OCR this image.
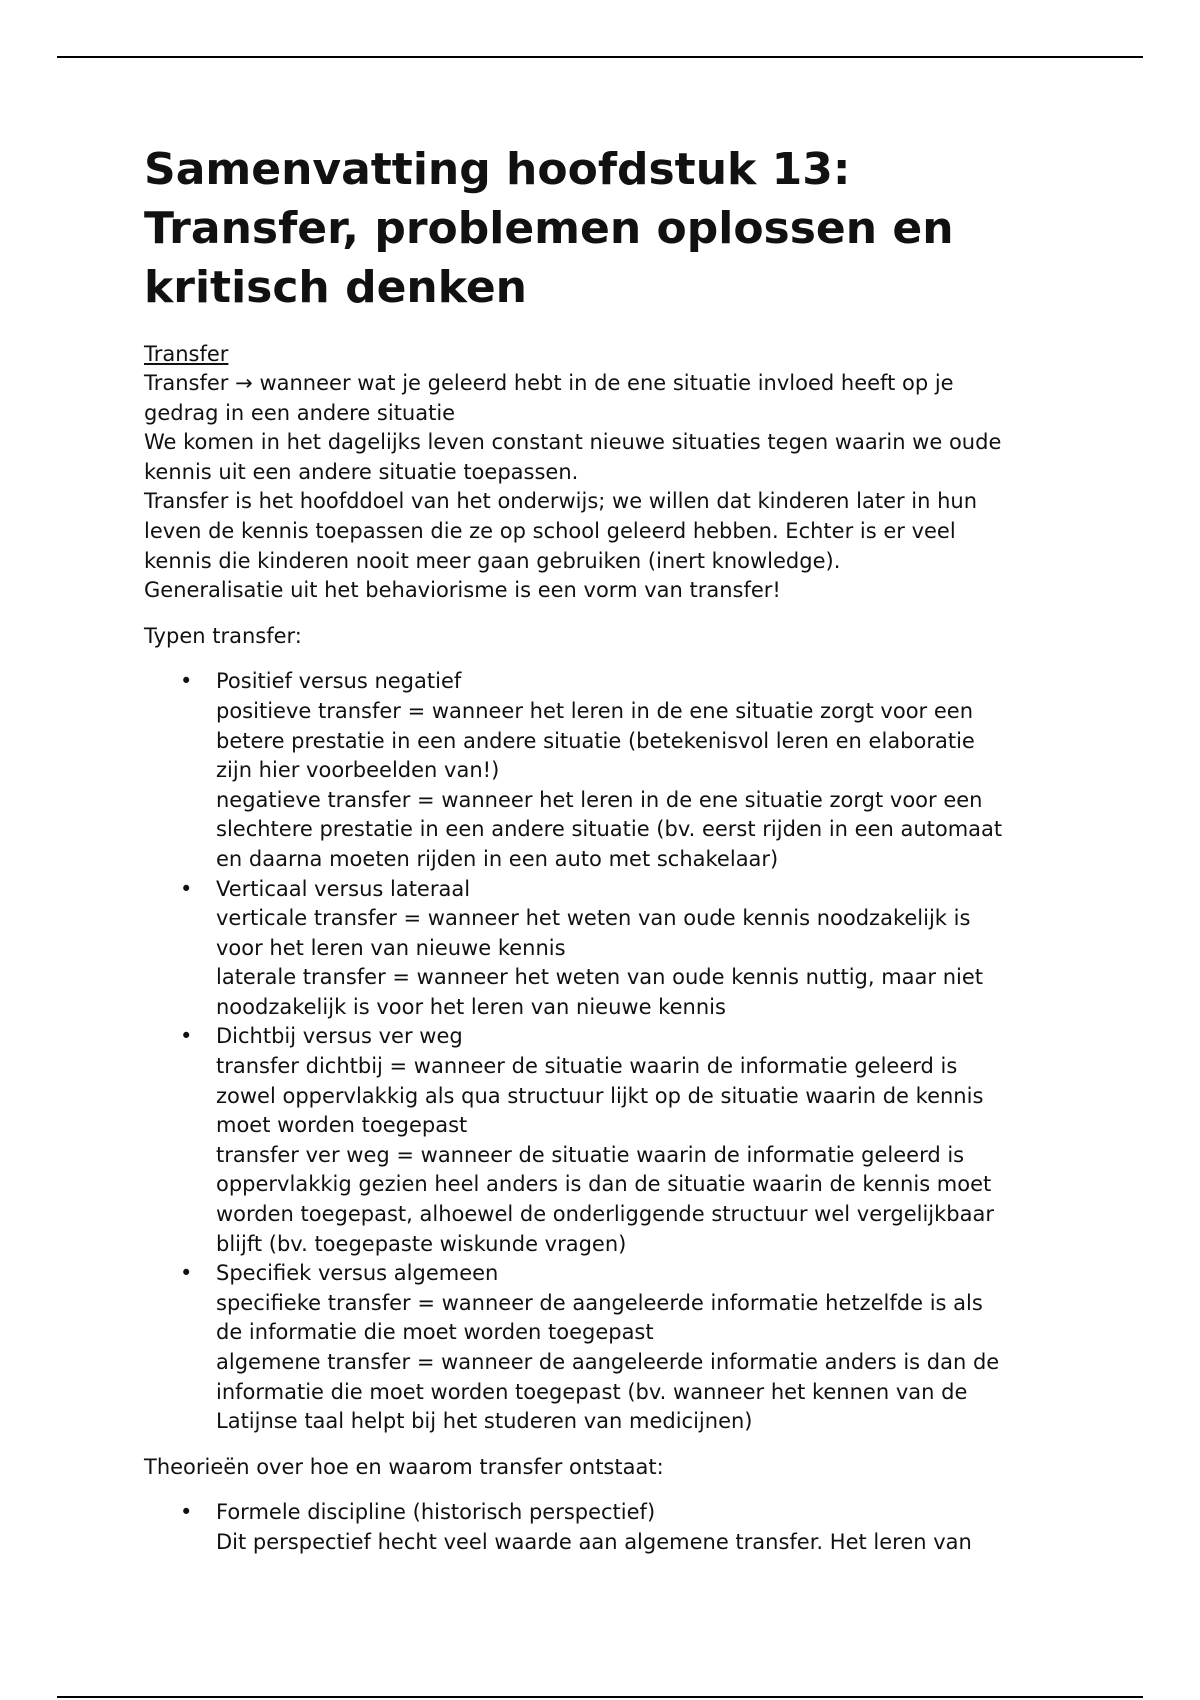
Samenvatting hoofdstuk 13:
Transfer, problemen oplossen en
kritisch denken
Transfer

Transfer → wanneer wat je geleerd hebt in de ene situatie invloed heeft op je

gedrag in een andere situatie

We komen in het dagelijks leven constant nieuwe situaties tegen waarin we oude

kennis uit een andere situatie toepassen.

Transfer is het hoofddoel van het onderwijs; we willen dat kinderen later in hun

leven de kennis toepassen die ze op school geleerd hebben. Echter is er veel

kennis die kinderen nooit meer gaan gebruiken (inert knowledge).

Generalisatie uit het behaviorisme is een vorm van transfer!

Typen transfer:

• Positief versus negatief
positieve transfer = wanneer het leren in de ene situatie zorgt voor een
betere prestatie in een andere situatie (betekenisvol leren en elaboratie
zijn hier voorbeelden van!)
negatieve transfer = wanneer het leren in de ene situatie zorgt voor een
slechtere prestatie in een andere situatie (bv. eerst rijden in een automaat
en daarna moeten rijden in een auto met schakelaar)
• Verticaal versus lateraal
verticale transfer = wanneer het weten van oude kennis noodzakelijk is
voor het leren van nieuwe kennis
laterale transfer = wanneer het weten van oude kennis nuttig, maar niet
noodzakelijk is voor het leren van nieuwe kennis
• Dichtbij versus ver weg
transfer dichtbij = wanneer de situatie waarin de informatie geleerd is
zowel oppervlakkig als qua structuur lijkt op de situatie waarin de kennis
moet worden toegepast
transfer ver weg = wanneer de situatie waarin de informatie geleerd is
oppervlakkig gezien heel anders is dan de situatie waarin de kennis moet
worden toegepast, alhoewel de onderliggende structuur wel vergelijkbaar
blijft (bv. toegepaste wiskunde vragen)
• Specifiek versus algemeen
specifieke transfer = wanneer de aangeleerde informatie hetzelfde is als
de informatie die moet worden toegepast
algemene transfer = wanneer de aangeleerde informatie anders is dan de
informatie die moet worden toegepast (bv. wanneer het kennen van de
Latijnse taal helpt bij het studeren van medicijnen)

Theorieën over hoe en waarom transfer ontstaat:

• Formele discipline (historisch perspectief)
Dit perspectief hecht veel waarde aan algemene transfer. Het leren van
